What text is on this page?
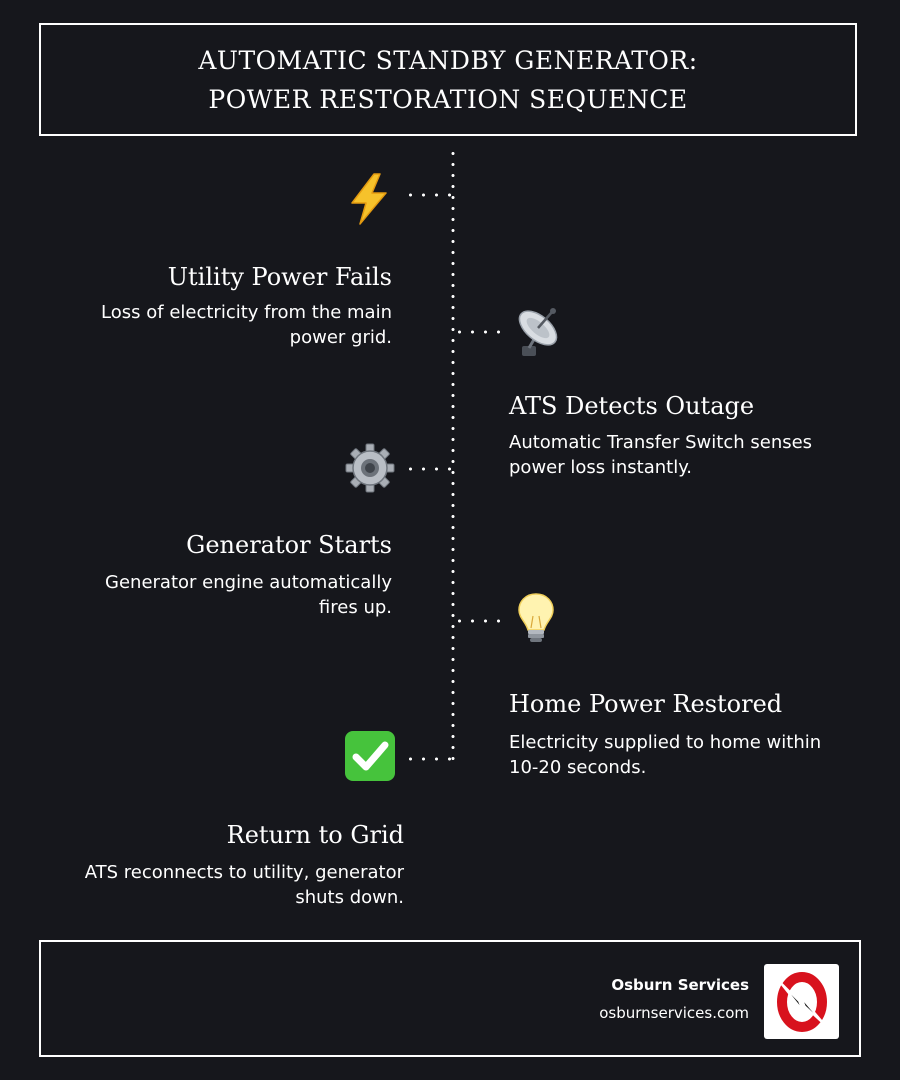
AUTOMATIC STANDBY GENERATOR: POWER RESTORATION SEQUENCE
Utility Power Fails
Loss of electricity from the main power grid.
ATS Detects Outage
Automatic Transfer Switch senses power loss instantly.
Generator Starts
Generator engine automatically fires up.
Home Power Restored
Electricity supplied to home within 10-20 seconds.
Return to Grid
ATS reconnects to utility, generator shuts down.
Osburn Services
osburnservices.com
